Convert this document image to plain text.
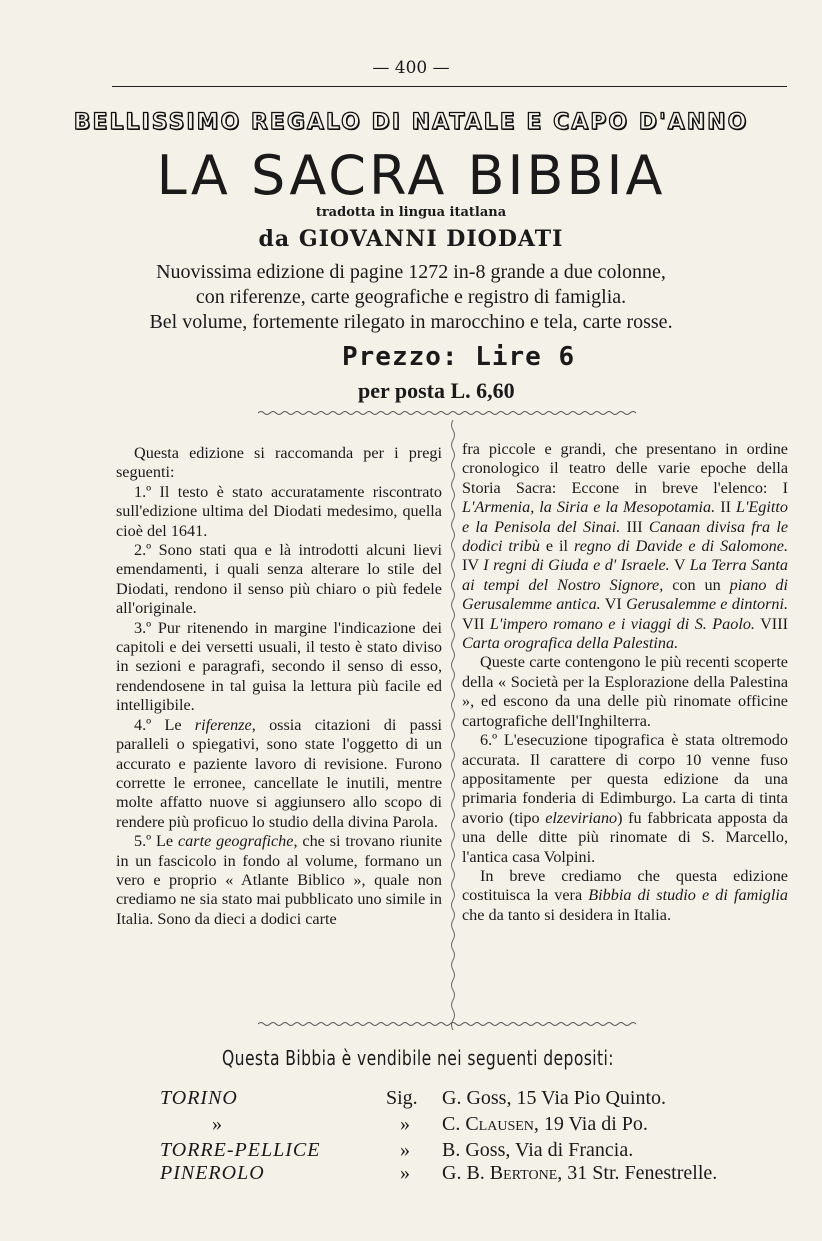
— 400 —
BELLISSIMO REGALO DI NATALE E CAPO D'ANNO
LA SACRA BIBBIA
tradotta in lingua itatlana
da GIOVANNI DIODATI
Nuovissima edizione di pagine 1272 in-8 grande a due colonne,
con riferenze, carte geografiche e registro di famiglia.
Bel volume, fortemente rilegato in marocchino e tela, carte rosse.
Prezzo: Lire 6
per posta L. 6,60

Questa edizione si raccomanda per i pregi seguenti:

1.º Il testo è stato accuratamente riscontrato sull'edizione ultima del Diodati medesimo, quella cioè del 1641.

2.º Sono stati qua e là introdotti alcuni lievi emendamenti, i quali senza alterare lo stile del Diodati, rendono il senso più chiaro o più fedele all'originale.

3.º Pur ritenendo in margine l'indicazione dei capitoli e dei versetti usuali, il testo è stato diviso in sezioni e paragrafi, secondo il senso di esso, rendendosene in tal guisa la lettura più facile ed intelligibile.

4.º Le riferenze, ossia citazioni di passi paralleli o spiegativi, sono state l'oggetto di un accurato e paziente lavoro di revisione. Furono corrette le erronee, cancellate le inutili, mentre molte affatto nuove si aggiunsero allo scopo di rendere più proficuo lo studio della divina Parola.

5.º Le carte geografiche, che si trovano riunite in un fascicolo in fondo al volume, formano un vero e proprio « Atlante Biblico », quale non crediamo ne sia stato mai pubblicato uno simile in Italia. Sono da dieci a dodici carte

fra piccole e grandi, che presentano in ordine cronologico il teatro delle varie epoche della Storia Sacra: Eccone in breve l'elenco: I L'Armenia, la Siria e la Mesopotamia. II L'Egitto e la Penisola del Sinai. III Canaan divisa fra le dodici tribù e il regno di Davide e di Salomone. IV I regni di Giuda e d' Israele. V La Terra Santa ai tempi del Nostro Signore, con un piano di Gerusalemme antica. VI Gerusalemme e dintorni. VII L'impero romano e i viaggi di S. Paolo. VIII Carta orografica della Palestina.

Queste carte contengono le più recenti scoperte della « Società per la Esplorazione della Palestina », ed escono da una delle più rinomate officine cartografiche dell'Inghilterra.

6.º L'esecuzione tipografica è stata oltremodo accurata. Il carattere di corpo 10 venne fuso appositamente per questa edizione da una primaria fonderia di Edimburgo. La carta di tinta avorio (tipo elzeviriano) fu fabbricata apposta da una delle ditte più rinomate di S. Marcello, l'antica casa Volpini.

In breve crediamo che questa edizione costituisca la vera Bibbia di studio e di famiglia che da tanto si desidera in Italia.

Questa Bibbia è vendibile nei seguenti depositi:
TORINO	Sig. G. Goss, 15 Via Pio Quinto.
»	» C. Clausen, 19 Via di Po.
TORRE-PELLICE	» B. Goss, Via di Francia.
PINEROLO	» G. B. Bertone, 31 Str. Fenestrelle.
